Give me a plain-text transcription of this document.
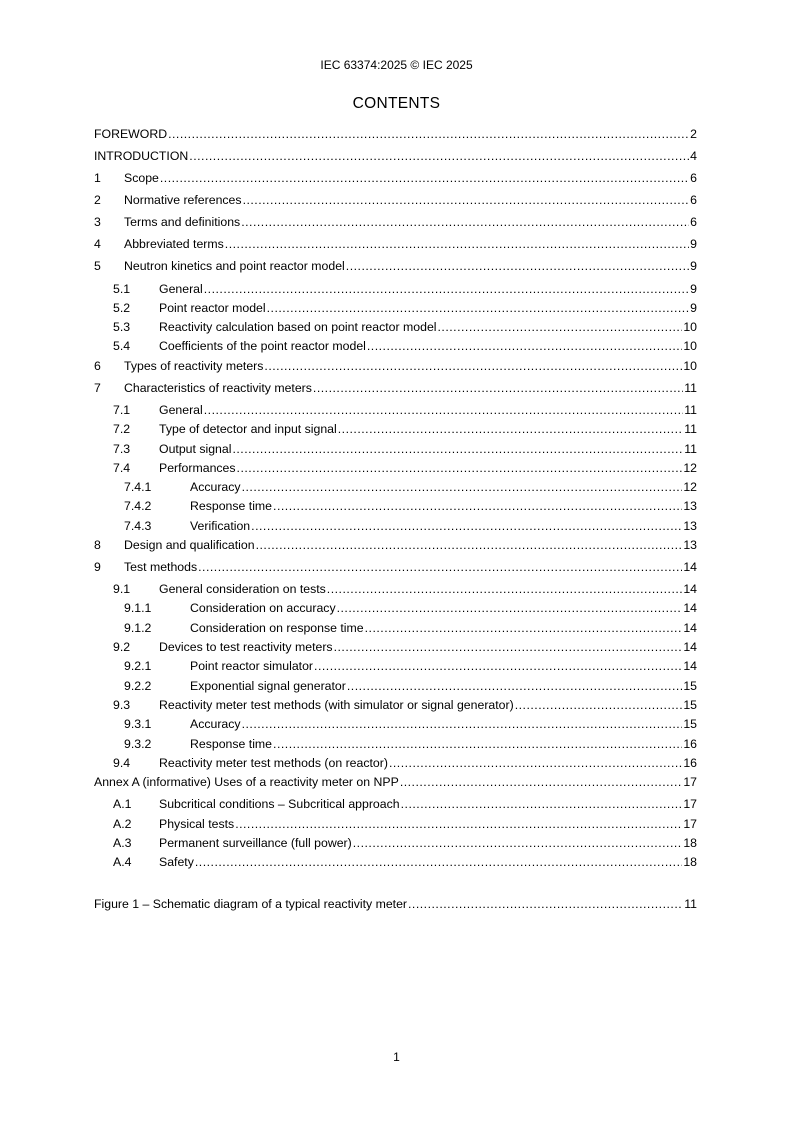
IEC 63374:2025 © IEC 2025
CONTENTS
FOREWORD .....	2
INTRODUCTION .....	4
1	Scope .....	6
2	Normative references .....	6
3	Terms and definitions .....	6
4	Abbreviated terms .....	9
5	Neutron kinetics and point reactor model .....	9
5.1	General .....	9
5.2	Point reactor model .....	9
5.3	Reactivity calculation based on point reactor model .....	10
5.4	Coefficients of the point reactor model .....	10
6	Types of reactivity meters .....	10
7	Characteristics of reactivity meters .....	11
7.1	General .....	11
7.2	Type of detector and input signal .....	11
7.3	Output signal .....	11
7.4	Performances .....	12
7.4.1	Accuracy .....	12
7.4.2	Response time .....	13
7.4.3	Verification .....	13
8	Design and qualification .....	13
9	Test methods .....	14
9.1	General consideration on tests .....	14
9.1.1	Consideration on accuracy .....	14
9.1.2	Consideration on response time .....	14
9.2	Devices to test reactivity meters .....	14
9.2.1	Point reactor simulator .....	14
9.2.2	Exponential signal generator .....	15
9.3	Reactivity meter test methods (with simulator or signal generator) .....	15
9.3.1	Accuracy .....	15
9.3.2	Response time .....	16
9.4	Reactivity meter test methods (on reactor) .....	16
Annex A (informative) Uses of a reactivity meter on NPP .....	17
A.1	Subcritical conditions – Subcritical approach .....	17
A.2	Physical tests .....	17
A.3	Permanent surveillance (full power) .....	18
A.4	Safety .....	18
Figure 1 – Schematic diagram of a typical reactivity meter .....	11
1
